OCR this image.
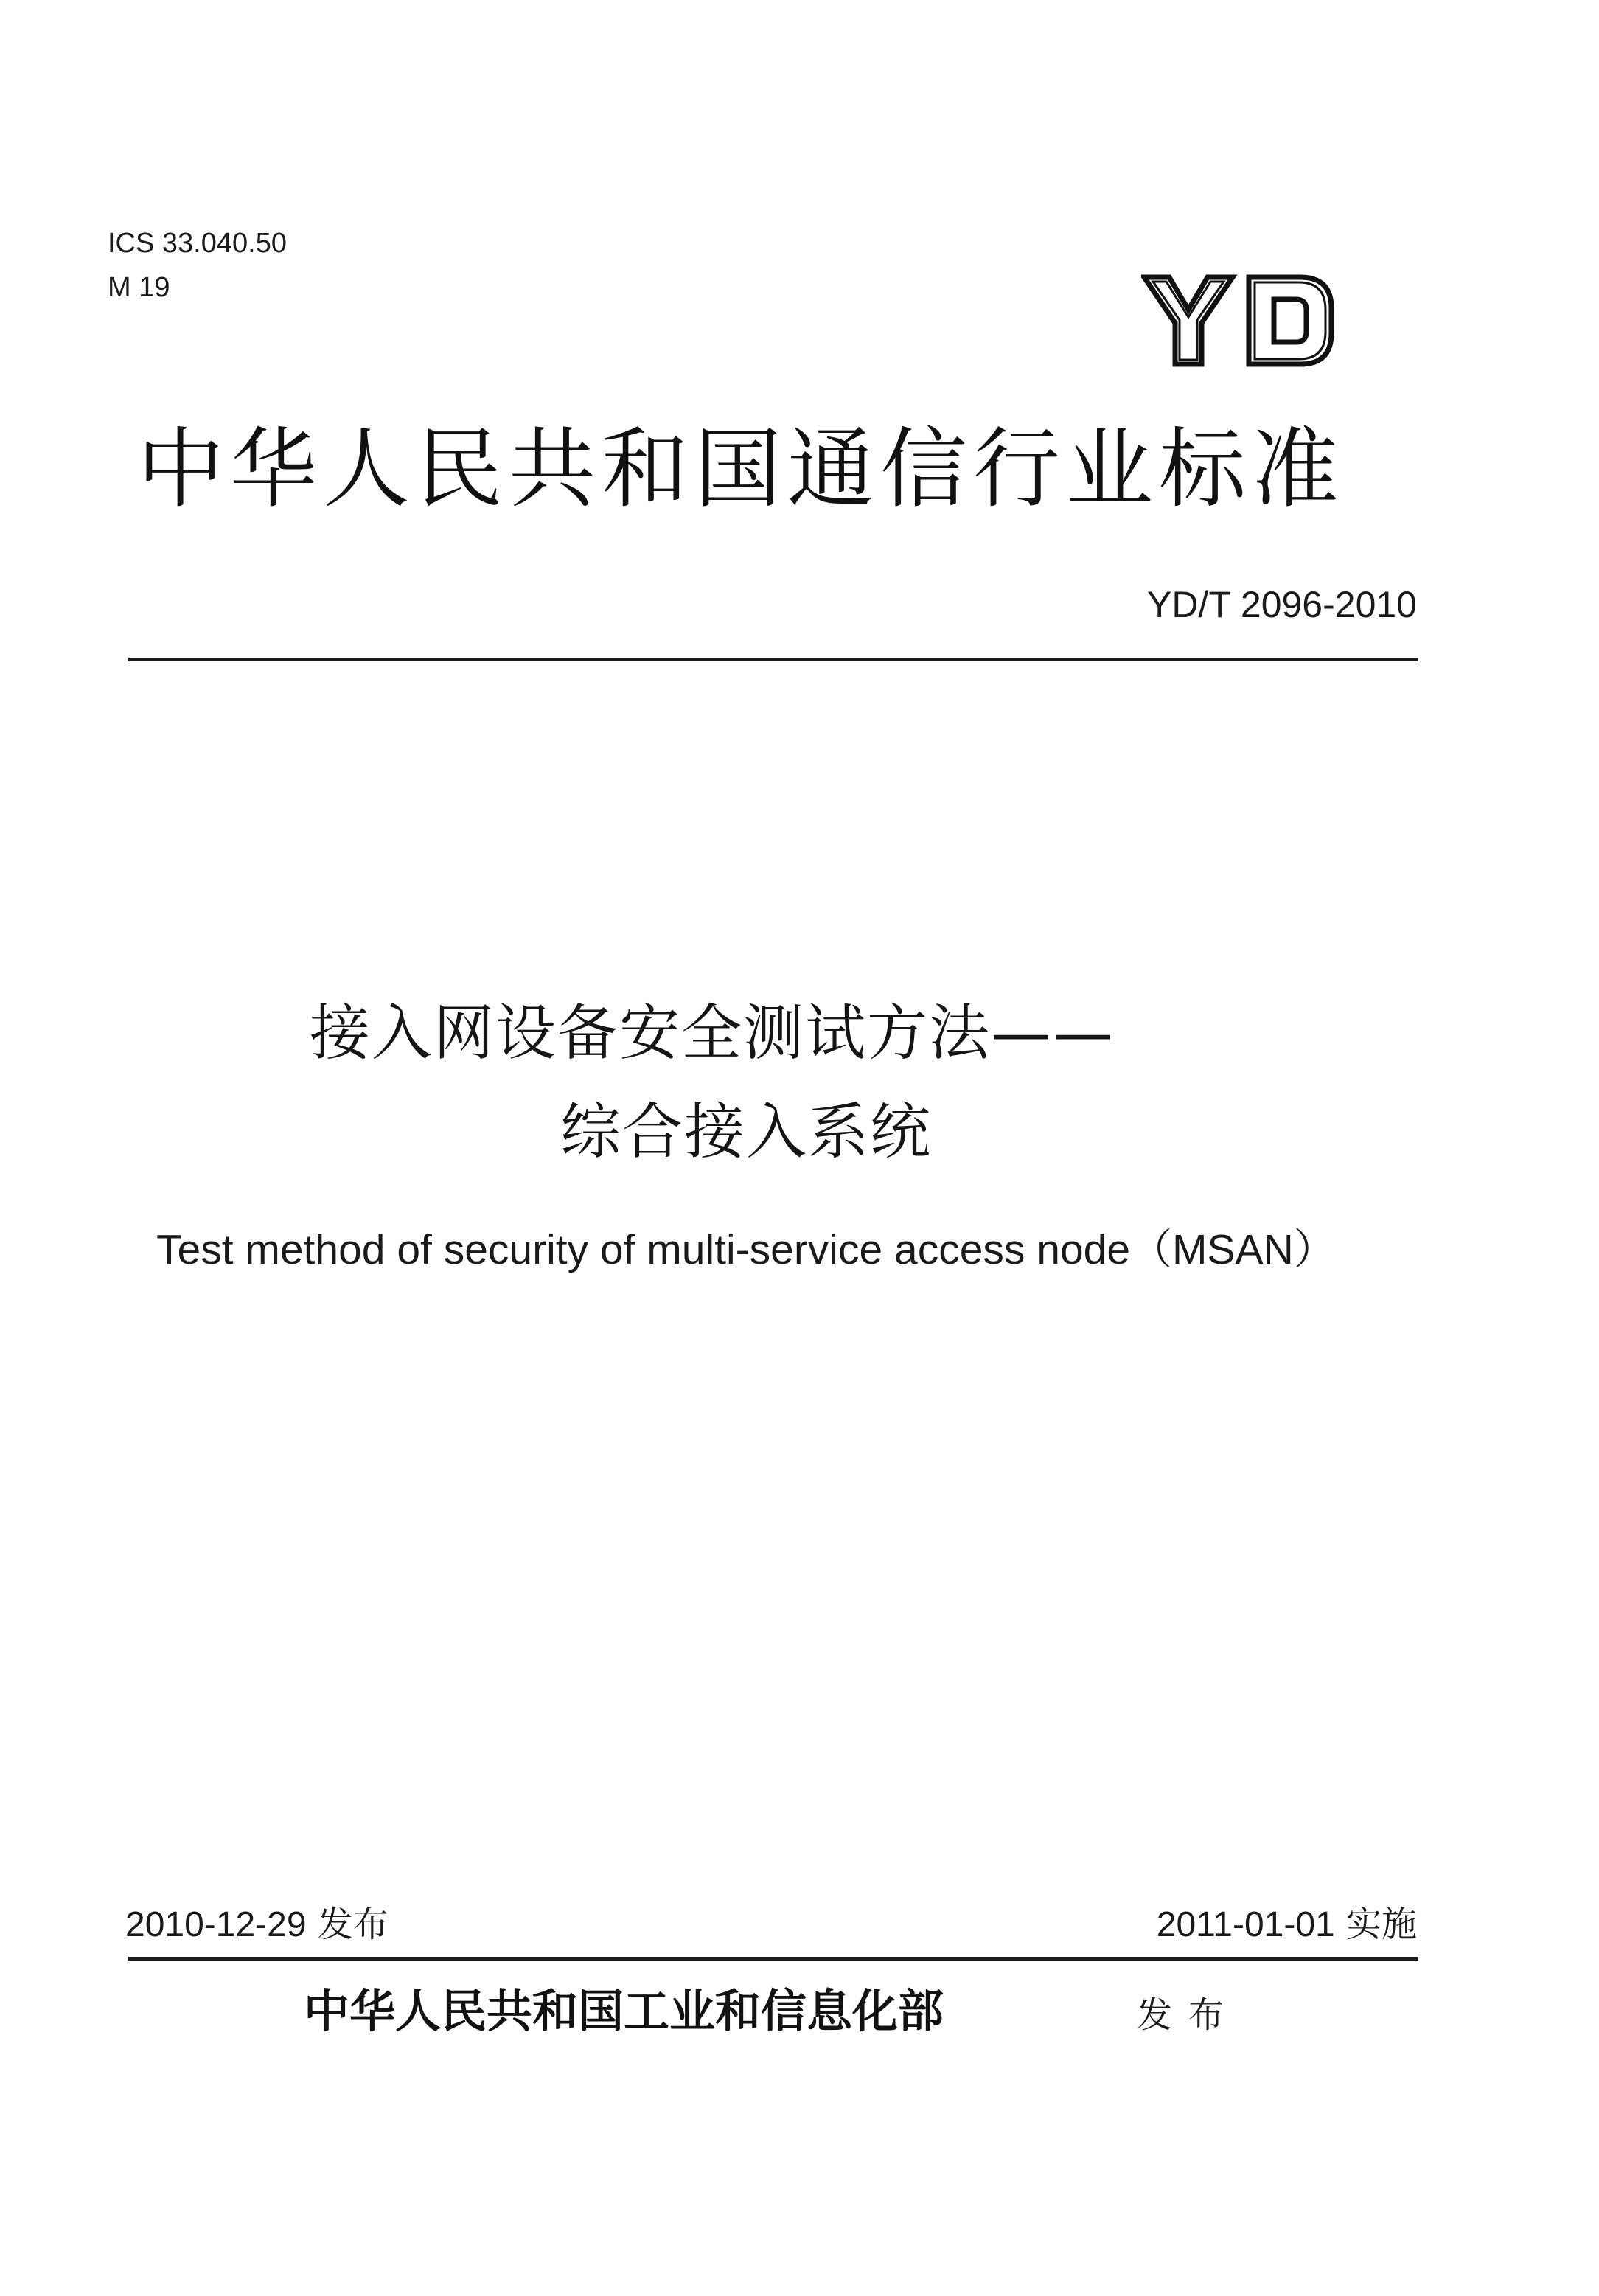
ICS 33.040.50
M 19
中华人民共和国通信行业标准
YD/T 2096-2010
接入网设备安全测试方法——
综合接入系统
Test method of security of multi-service access node（MSAN）
2010-12-29 发布	2011-01-01 实施
中华人民共和国工业和信息化部	发布
